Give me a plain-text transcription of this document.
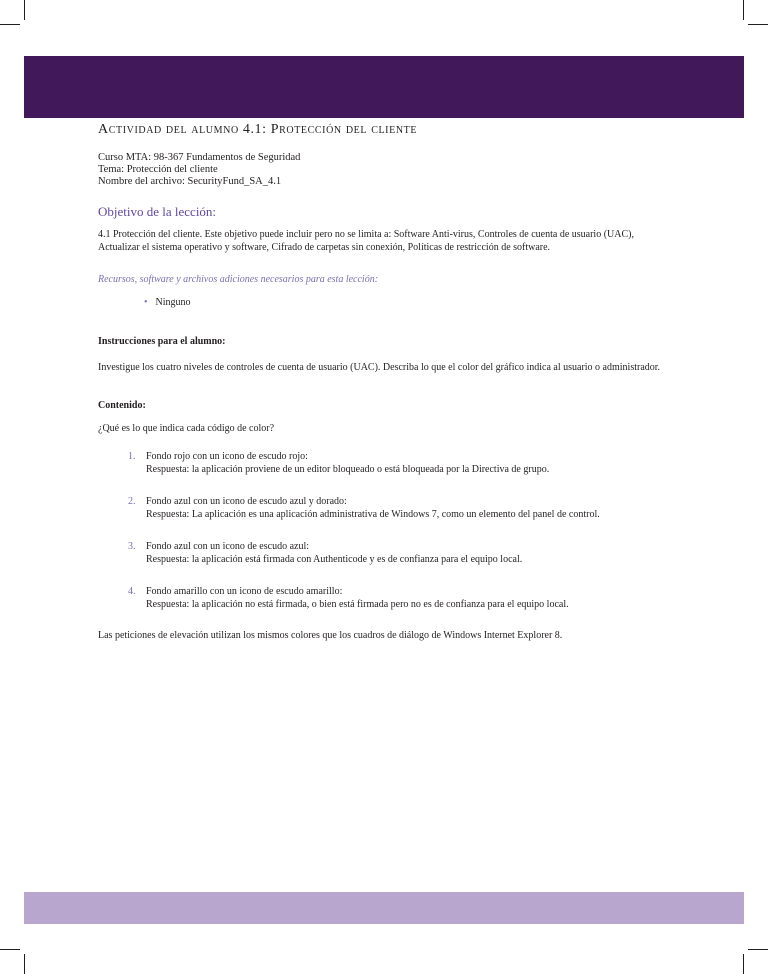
Actividad del alumno 4.1: Protección del cliente
Curso MTA: 98-367 Fundamentos de Seguridad
Tema: Protección del cliente
Nombre del archivo: SecurityFund_SA_4.1
Objetivo de la lección:
4.1 Protección del cliente. Este objetivo puede incluir pero no se limita a: Software Anti-virus, Controles de cuenta de usuario (UAC), Actualizar el sistema operativo y software, Cifrado de carpetas sin conexión, Políticas de restricción de software.
Recursos, software y archivos adiciones necesarios para esta lección:
• Ninguno
Instrucciones para el alumno:
Investigue los cuatro niveles de controles de cuenta de usuario (UAC). Describa lo que el color del gráfico indica al usuario o administrador.
Contenido:
¿Qué es lo que indica cada código de color?
1. Fondo rojo con un icono de escudo rojo:
Respuesta: la aplicación proviene de un editor bloqueado o está bloqueada por la Directiva de grupo.
2. Fondo azul con un icono de escudo azul y dorado:
Respuesta: La aplicación es una aplicación administrativa de Windows 7, como un elemento del panel de control.
3. Fondo azul con un icono de escudo azul:
Respuesta: la aplicación está firmada con Authenticode y es de confianza para el equipo local.
4. Fondo amarillo con un icono de escudo amarillo:
Respuesta: la aplicación no está firmada, o bien está firmada pero no es de confianza para el equipo local.
Las peticiones de elevación utilizan los mismos colores que los cuadros de diálogo de Windows Internet Explorer 8.
